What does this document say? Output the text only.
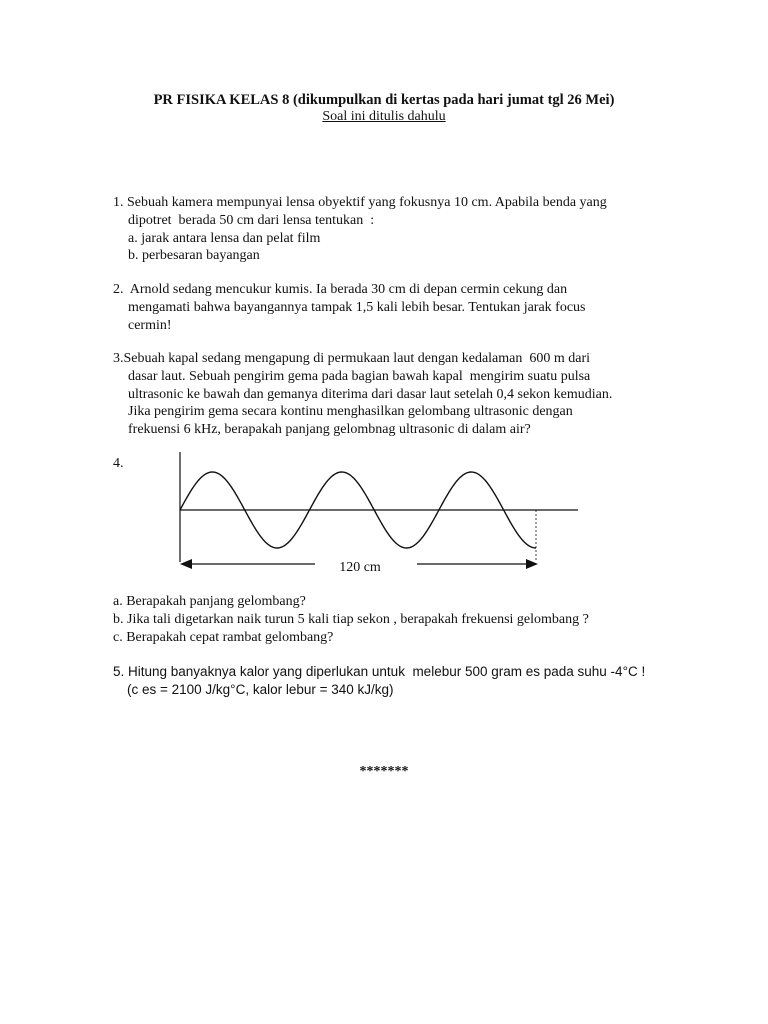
PR FISIKA KELAS 8 (dikumpulkan di kertas pada hari jumat tgl 26 Mei)
Soal ini ditulis dahulu
1. Sebuah kamera mempunyai lensa obyektif yang fokusnya 10 cm. Apabila benda yang
dipotret  berada 50 cm dari lensa tentukan  :
a. jarak antara lensa dan pelat film
b. perbesaran bayangan
2.  Arnold sedang mencukur kumis. Ia berada 30 cm di depan cermin cekung dan
mengamati bahwa bayangannya tampak 1,5 kali lebih besar. Tentukan jarak focus
cermin!
3.Sebuah kapal sedang mengapung di permukaan laut dengan kedalaman  600 m dari
dasar laut. Sebuah pengirim gema pada bagian bawah kapal  mengirim suatu pulsa
ultrasonic ke bawah dan gemanya diterima dari dasar laut setelah 0,4 sekon kemudian.
Jika pengirim gema secara kontinu menghasilkan gelombang ultrasonic dengan
frekuensi 6 kHz, berapakah panjang gelombnag ultrasonic di dalam air?
4.
120 cm
a. Berapakah panjang gelombang?
b. Jika tali digetarkan naik turun 5 kali tiap sekon , berapakah frekuensi gelombang ?
c. Berapakah cepat rambat gelombang?
5. Hitung banyaknya kalor yang diperlukan untuk  melebur 500 gram es pada suhu -4°C !
(c es = 2100 J/kg°C, kalor lebur = 340 kJ/kg)
*******
